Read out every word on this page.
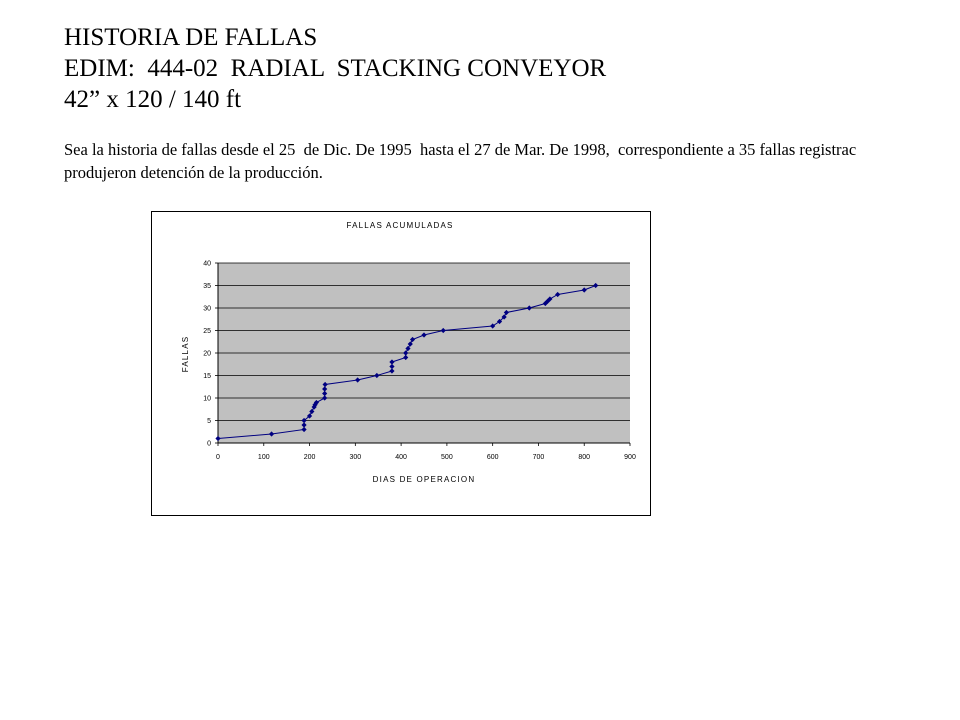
HISTORIA DE FALLAS
EDIM:  444-02  RADIAL  STACKING CONVEYOR
42” x 120 / 140 ft
Sea la historia de fallas desde el 25  de Dic. De 1995  hasta el 27 de Mar. De 1998,  correspondiente a 35 fallas registrac
produjeron detención de la producción.
FALLAS ACUMULADAS
0
5
10
15
20
25
30
35
40
0	100	200	300	400	500	600	700	800	900
DIAS DE OPERACION
FALLAS
